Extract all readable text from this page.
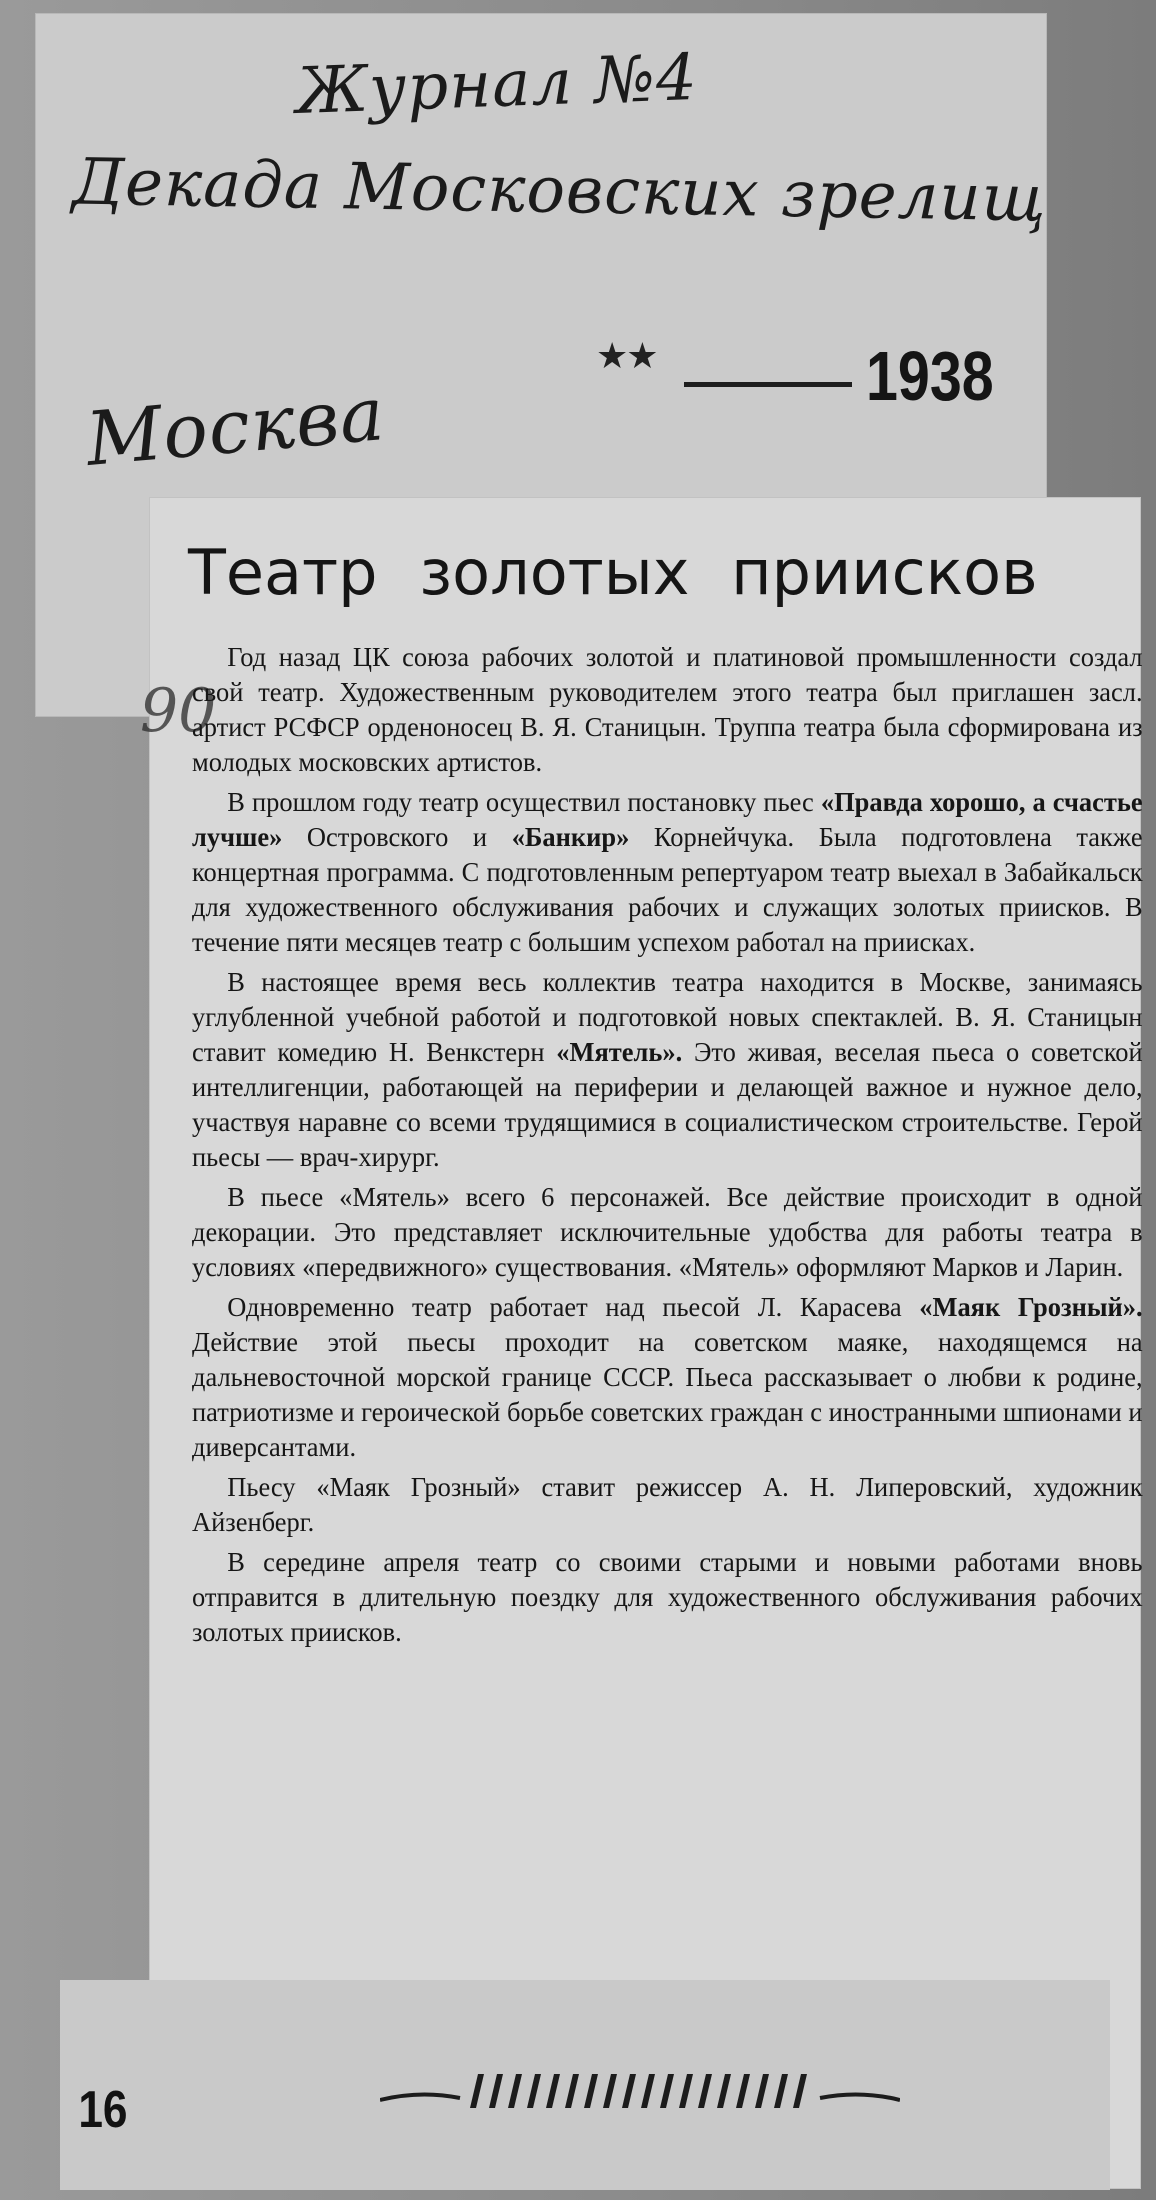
Журнал №4
Декада Московских зрелищ
Москва
★★	1938
Театр золотых приисков
90

Год назад ЦК союза рабочих золотой и платиновой промышленности создал свой театр. Художественным руководителем этого театра был приглашен засл. артист РСФСР орденоносец В. Я. Станицын. Труппа театра была сформирована из молодых московских артистов.

В прошлом году театр осуществил постановку пьес «Правда хорошо, а счастье лучше» Островского и «Банкир» Корнейчука. Была подготовлена также концертная программа. С подготовленным репертуаром театр выехал в Забайкальск для художественного обслуживания рабочих и служащих золотых приисков. В течение пяти месяцев театр с большим успехом работал на приисках.

В настоящее время весь коллектив театра находится в Москве, занимаясь углубленной учебной работой и подготовкой новых спектаклей. В. Я. Станицын ставит комедию Н. Венкстерн «Мятель». Это живая, веселая пьеса о советской интеллигенции, работающей на периферии и делающей важное и нужное дело, участвуя наравне со всеми трудящимися в социалистическом строительстве. Герой пьесы — врач-хирург.

В пьесе «Мятель» всего 6 персонажей. Все действие происходит в одной декорации. Это представляет исключительные удобства для работы театра в условиях «передвижного» существования. «Мятель» оформляют Марков и Ларин.

Одновременно театр работает над пьесой Л. Карасева «Маяк Грозный». Действие этой пьесы проходит на советском маяке, находящемся на дальневосточной морской границе СССР. Пьеса рассказывает о любви к родине, патриотизме и героической борьбе советских граждан с иностранными шпионами и диверсантами.

Пьесу «Маяк Грозный» ставит режиссер А. Н. Липеровский, художник Айзенберг.

В середине апреля театр со своими старыми и новыми работами вновь отправится в длительную поездку для художественного обслуживания рабочих золотых приисков.

16
